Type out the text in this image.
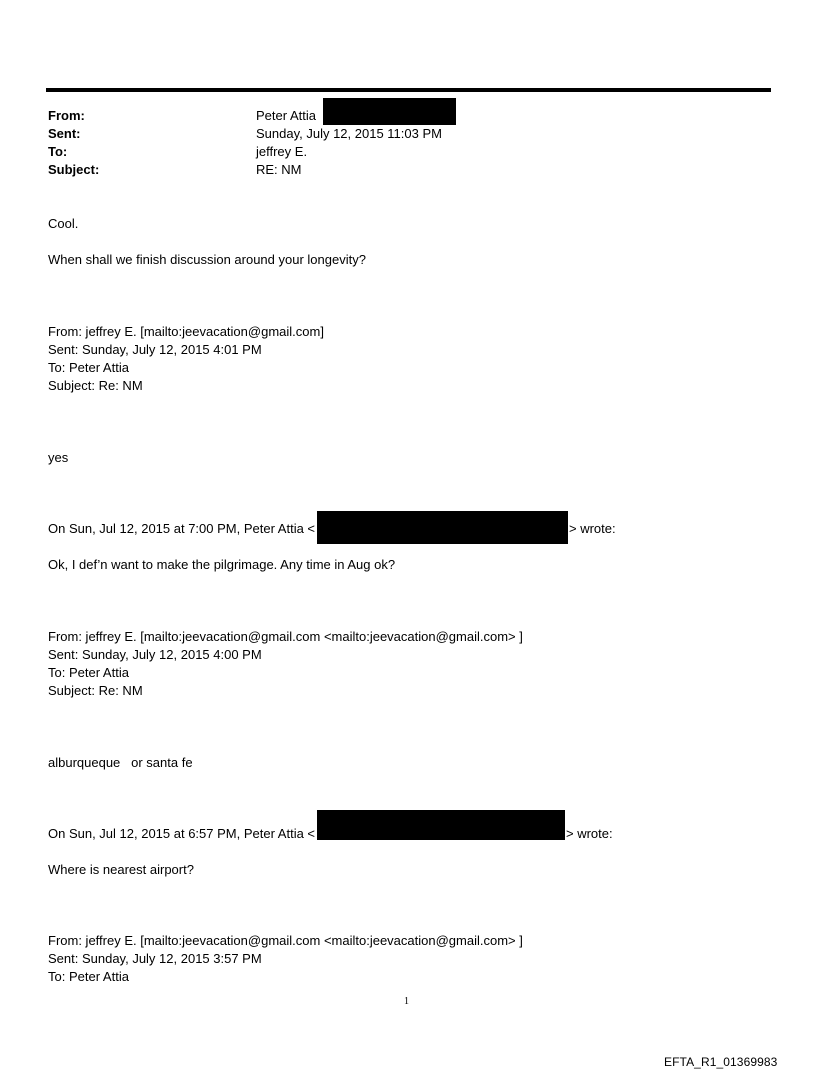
From:	Peter Attia
Sent:	Sunday, July 12, 2015 11:03 PM
To:	jeffrey E.
Subject:	RE: NM
Cool.
When shall we finish discussion around your longevity?
From: jeffrey E. [mailto:jeevacation@gmail.com]
Sent: Sunday, July 12, 2015 4:01 PM
To: Peter Attia
Subject: Re: NM
yes
On Sun, Jul 12, 2015 at 7:00 PM, Peter Attia <	> wrote:
Ok, I def’n want to make the pilgrimage. Any time in Aug ok?
From: jeffrey E. [mailto:jeevacation@gmail.com <mailto:jeevacation@gmail.com> ]
Sent: Sunday, July 12, 2015 4:00 PM
To: Peter Attia
Subject: Re: NM
alburqueque   or santa fe
On Sun, Jul 12, 2015 at 6:57 PM, Peter Attia <	> wrote:
Where is nearest airport?
From: jeffrey E. [mailto:jeevacation@gmail.com <mailto:jeevacation@gmail.com> ]
Sent: Sunday, July 12, 2015 3:57 PM
To: Peter Attia
1
EFTA_R1_01369983
